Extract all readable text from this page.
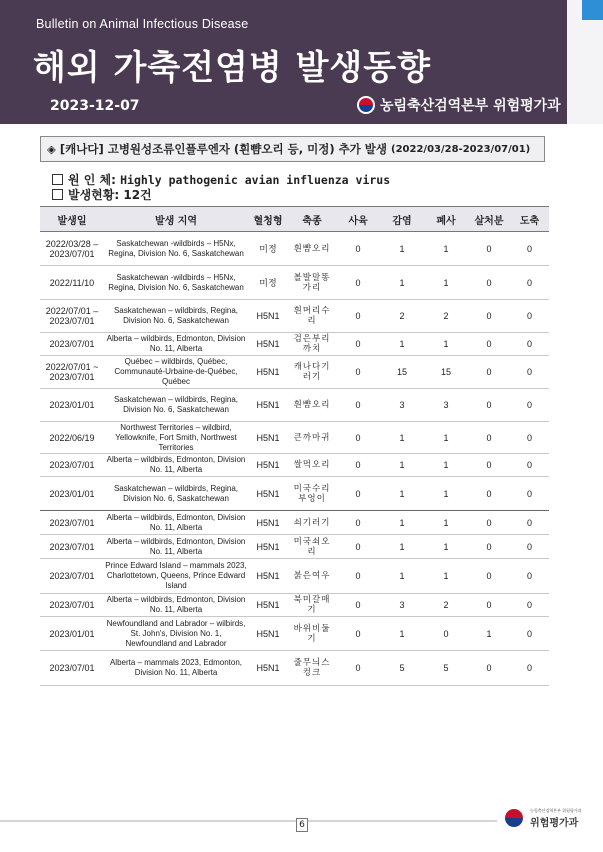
Bulletin on Animal Infectious Disease
해외 가축전염병 발생동향
2023-12-07	농림축산검역본부 위험평가과
◈
[캐나다] 고병원성조류인플루엔자 (흰뺨오리 등, 미정) 추가 발생 (2022/03/28-2023/07/01)
원 인 체: Highly pathogenic avian influenza virus
발생현황: 12건
발생일	발생 지역	혈청형	축종	사육	감염	폐사	살처분	도축
2022/03/28 – 2023/07/01	Saskatchewan -wildbirds – H5Nx, Regina, Division No. 6, Saskatchewan	미정	흰뺨오리	0	1	1	0	0
2022/11/10	Saskatchewan -wildbirds – H5Nx, Regina, Division No. 6, Saskatchewan	미정	볼발말똥가리	0	1	1	0	0
2022/07/01 – 2023/07/01	Saskatchewan – wildbirds, Regina, Division No. 6, Saskatchewan	H5N1	흰머리수리	0	2	2	0	0
2023/07/01	Alberta – wildbirds, Edmonton, Division No. 11, Alberta	H5N1	검은부리까치	0	1	1	0	0
2022/07/01 ~ 2023/07/01	Québec – wildbirds, Québec, Communauté-Urbaine-de-Québec, Québec	H5N1	캐나다기러기	0	15	15	0	0
2023/01/01	Saskatchewan – wildbirds, Regina, Division No. 6, Saskatchewan	H5N1	흰뺨오리	0	3	3	0	0
2022/06/19	Northwest Territories – wildbird, Yellowknife, Fort Smith, Northwest Territories	H5N1	큰까마귀	0	1	1	0	0
2023/07/01	Alberta – wildbirds, Edmonton, Division No. 11, Alberta	H5N1	쌀먹오리	0	1	1	0	0
2023/01/01	Saskatchewan – wildbirds, Regina, Division No. 6, Saskatchewan	H5N1	미국수리부엉이	0	1	1	0	0
2023/07/01	Alberta – wildbirds, Edmonton, Division No. 11, Alberta	H5N1	쇠기러기	0	1	1	0	0
2023/07/01	Alberta – wildbirds, Edmonton, Division No. 11, Alberta	H5N1	미국쇠오리	0	1	1	0	0
2023/07/01	Prince Edward Island – mammals 2023, Charlottetown, Queens, Prince Edward Island	H5N1	붉은여우	0	1	1	0	0
2023/07/01	Alberta – wildbirds, Edmonton, Division No. 11, Alberta	H5N1	북미갈매기	0	3	2	0	0
2023/01/01	Newfoundland and Labrador – wilbirds, St. John's, Division No. 1, Newfoundland and Labrador	H5N1	바위비둘기	0	1	0	1	0
2023/07/01	Alberta – mammals 2023, Edmonton, Division No. 11, Alberta	H5N1	줄무늬스컹크	0	5	5	0	0
6
농림축산검역본부 위험평가과
위험평가과
